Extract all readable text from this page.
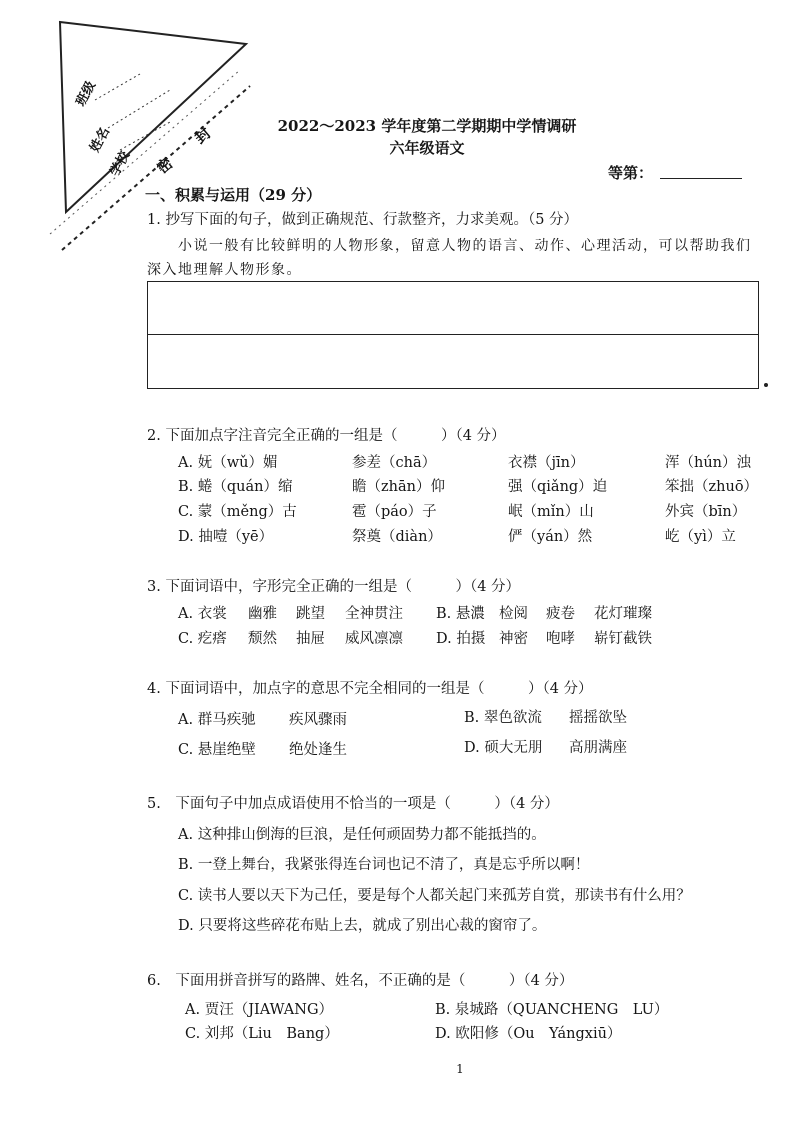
班级
姓名
学校 密
封	2022～2023 学年度第二学期期中学情调研
六年级语文
等第：
一、积累与运用（29 分）
1. 抄写下面的句子，做到正确规范、行款整齐，力求美观。（5 分）
小说一般有比较鲜明的人物形象，留意人物的语言、动作、心理活动，可以帮助我们
深入地理解人物形象。
2. 下面加点字注音完全正确的一组是（　　　）（4 分）
A. 妩（wǔ）媚	参差（chā）	衣襟（jīn）	浑（hún）浊
B. 蜷（quán）缩	瞻（zhān）仰	强（qiǎng）迫	笨拙（zhuō）
C. 蒙（měng）古	雹（páo）子	岷（mǐn）山	外宾（bīn）
D. 抽噎（yē）	祭奠（diàn）	俨（yán）然	屹（yì）立
3. 下面词语中，字形完全正确的一组是（　　　）（4 分）
A. 衣裳 幽雅 跳望 全神贯注 B. 悬濃 检阅 疲卷 花灯璀璨
C. 疙瘩 颓然 抽屉 威风凛凛 D. 拍摄 神密 咆哮 崭钉截铁
4. 下面词语中，加点字的意思不完全相同的一组是（　　　）（4 分）
A. 群马疾驰 疾风骤雨	B. 翠色欲流 摇摇欲坠
C. 悬崖绝壁 绝处逢生	D. 硕大无朋 高朋满座
5.　下面句子中加点成语使用不恰当的一项是（　　　）（4 分）
A. 这种排山倒海的巨浪，是任何顽固势力都不能抵挡的。
B. 一登上舞台，我紧张得连台词也记不清了，真是忘乎所以啊！
C. 读书人要以天下为己任，要是每个人都关起门来孤芳自赏，那读书有什么用？
D. 只要将这些碎花布贴上去，就成了别出心裁的窗帘了。
6.　下面用拼音拼写的路牌、姓名，不正确的是（　　　）（4 分）
A. 贾汪（JIAWANG）	B. 泉城路（QUANCHENG　LU）
C. 刘邦（Liu　Bang）	D. 欧阳修（Ou　Yángxiū）
1
